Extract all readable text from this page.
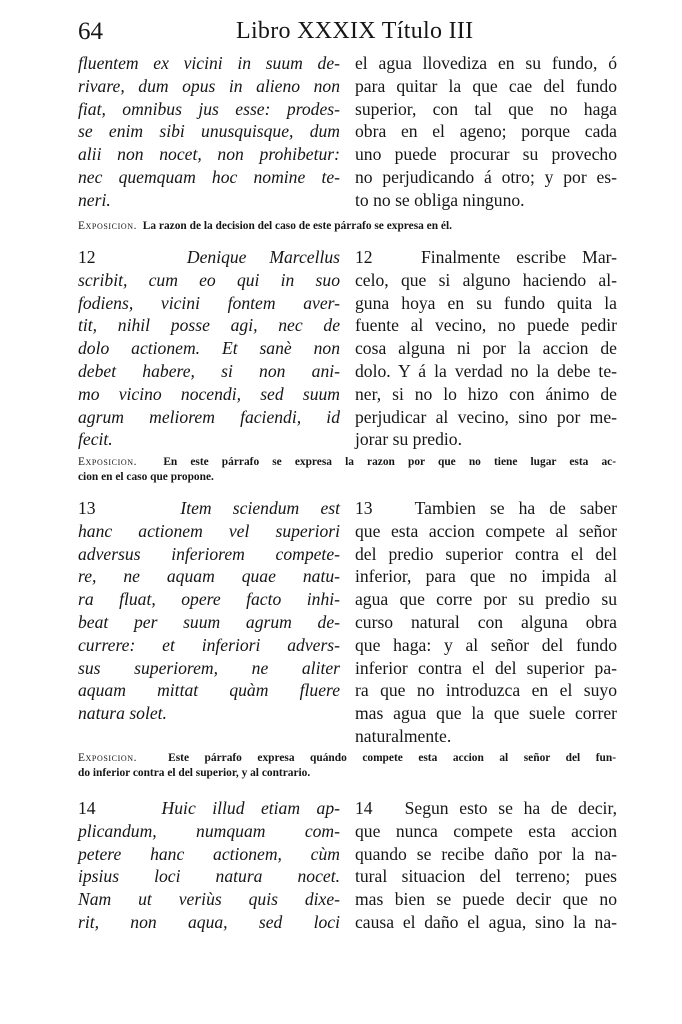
64	Libro XXXIX Título III
fluentem ex vicini in suum de-
rivare, dum opus in alieno non
fiat, omnibus jus esse: prodes-
se enim sibi unusquisque, dum
alii non nocet, non prohibetur:
nec quemquam hoc nomine te-
neri.
el agua llovediza en su fundo, ó
para quitar la que cae del fundo
superior, con tal que no haga
obra en el ageno; porque cada
uno puede procurar su provecho
no perjudicando á otro; y por es-
to no se obliga ninguno.
Exposicion. La razon de la decision del caso de este párrafo se expresa en él.
12	Denique Marcellus
scribit, cum eo qui in suo
fodiens, vicini fontem aver-
tit, nihil posse agi, nec de
dolo actionem. Et sanè non
debet habere, si non ani-
mo vicino nocendi, sed suum
agrum meliorem faciendi, id
fecit.
12	Finalmente escribe Mar-
celo, que si alguno haciendo al-
guna hoya en su fundo quita la
fuente al vecino, no puede pedir
cosa alguna ni por la accion de
dolo. Y á la verdad no la debe te-
ner, si no lo hizo con ánimo de
perjudicar al vecino, sino por me-
jorar su predio.
Exposicion. En este párrafo se expresa la razon por que no tiene lugar esta ac-
cion en el caso que propone.
13	Item sciendum est
hanc actionem vel superiori
adversus inferiorem compete-
re, ne aquam quae natu-
ra fluat, opere facto inhi-
beat per suum agrum de-
currere: et inferiori advers-
sus superiorem, ne aliter
aquam mittat quàm fluere
natura solet.
13 Tambien se ha de saber
que esta accion compete al señor
del predio superior contra el del
inferior, para que no impida al
agua que corre por su predio su
curso natural con alguna obra
que haga: y al señor del fundo
inferior contra el del superior pa-
ra que no introduzca en el suyo
mas agua que la que suele correr
naturalmente.
Exposicion.	Este párrafo expresa quándo compete esta accion al señor del fun-
do inferior contra el del superior, y al contrario.
14	Huic illud etiam ap-
plicandum, numquam com-
petere hanc actionem, cùm
ipsius loci natura nocet.
Nam ut veriùs quis dixe-
rit, non aqua, sed loci
14 Segun esto se ha de decir,
que nunca compete esta accion
quando se recibe daño por la na-
tural situacion del terreno; pues
mas bien se puede decir que no
causa el daño el agua, sino la na-
